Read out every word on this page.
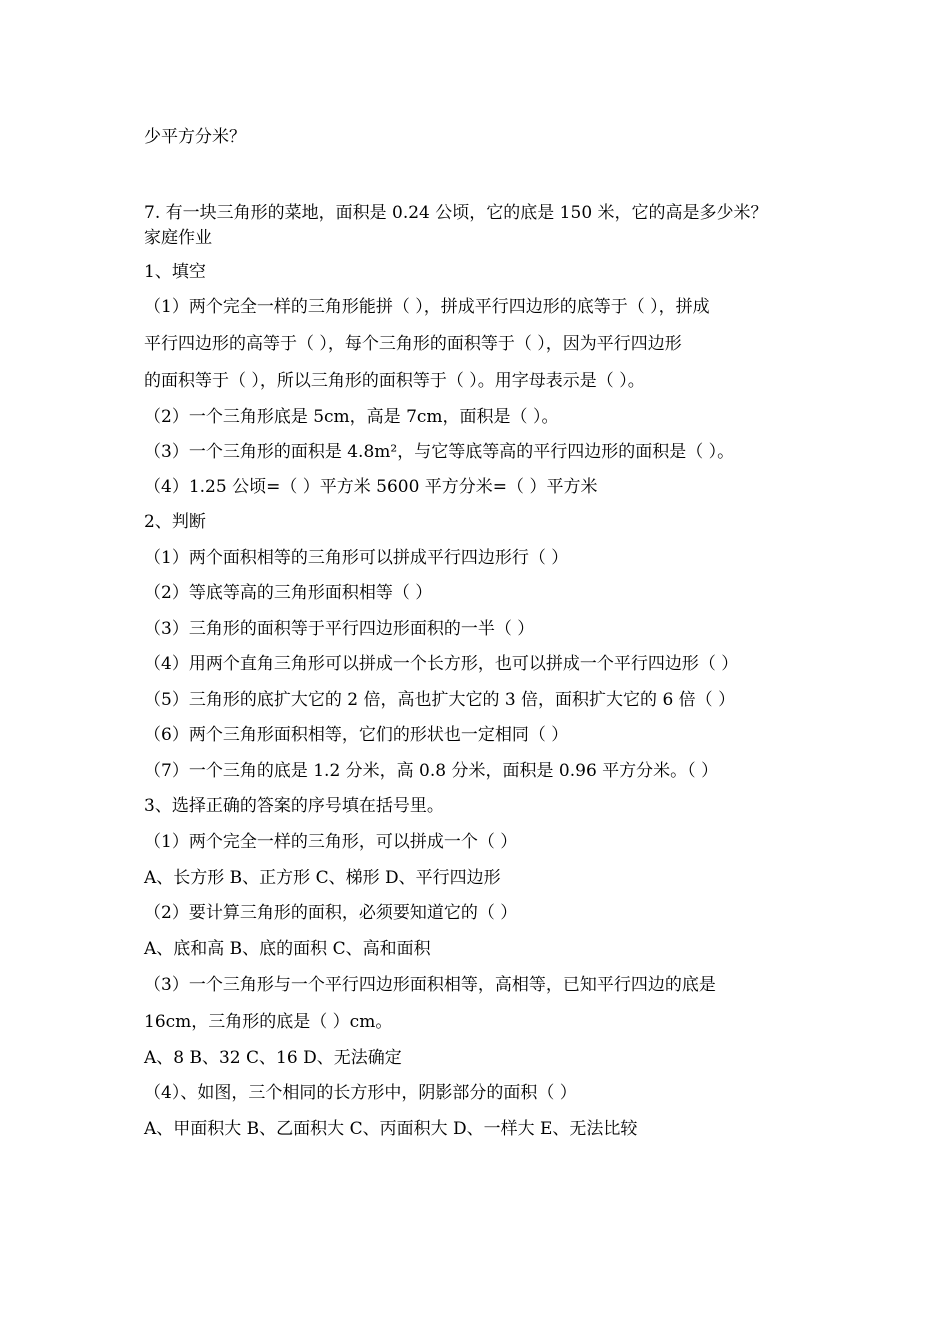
少平方分米？
7. 有一块三角形的菜地，面积是 0.24 公顷，它的底是 150 米，它的高是多少米？
家庭作业
1、填空
（1）两个完全一样的三角形能拼（ ），拼成平行四边形的底等于（ ），拼成
平行四边形的高等于（ ），每个三角形的面积等于（ ），因为平行四边形
的面积等于（ ），所以三角形的面积等于（ ）。用字母表示是（ ）。
（2）一个三角形底是 5cm，高是 7cm，面积是（ ）。
（3）一个三角形的面积是 4.8m²，与它等底等高的平行四边形的面积是（ ）。
（4）1.25 公顷=（ ）平方米 5600 平方分米=（ ）平方米
2、判断
（1）两个面积相等的三角形可以拼成平行四边形行（ ）
（2）等底等高的三角形面积相等（ ）
（3）三角形的面积等于平行四边形面积的一半（ ）
（4）用两个直角三角形可以拼成一个长方形，也可以拼成一个平行四边形（ ）
（5）三角形的底扩大它的 2 倍，高也扩大它的 3 倍，面积扩大它的 6 倍（ ）
（6）两个三角形面积相等，它们的形状也一定相同（ ）
（7）一个三角的底是 1.2 分米，高 0.8 分米，面积是 0.96 平方分米。（ ）
3、选择正确的答案的序号填在括号里。
（1）两个完全一样的三角形，可以拼成一个（ ）
A、长方形 B、正方形 C、梯形 D、平行四边形
（2）要计算三角形的面积，必须要知道它的（ ）
A、底和高 B、底的面积 C、高和面积
（3）一个三角形与一个平行四边形面积相等，高相等，已知平行四边的底是
16cm，三角形的底是（ ）cm。
A、8 B、32 C、16 D、无法确定
（4）、如图，三个相同的长方形中，阴影部分的面积（ ）
A、甲面积大 B、乙面积大 C、丙面积大 D、一样大 E、无法比较
